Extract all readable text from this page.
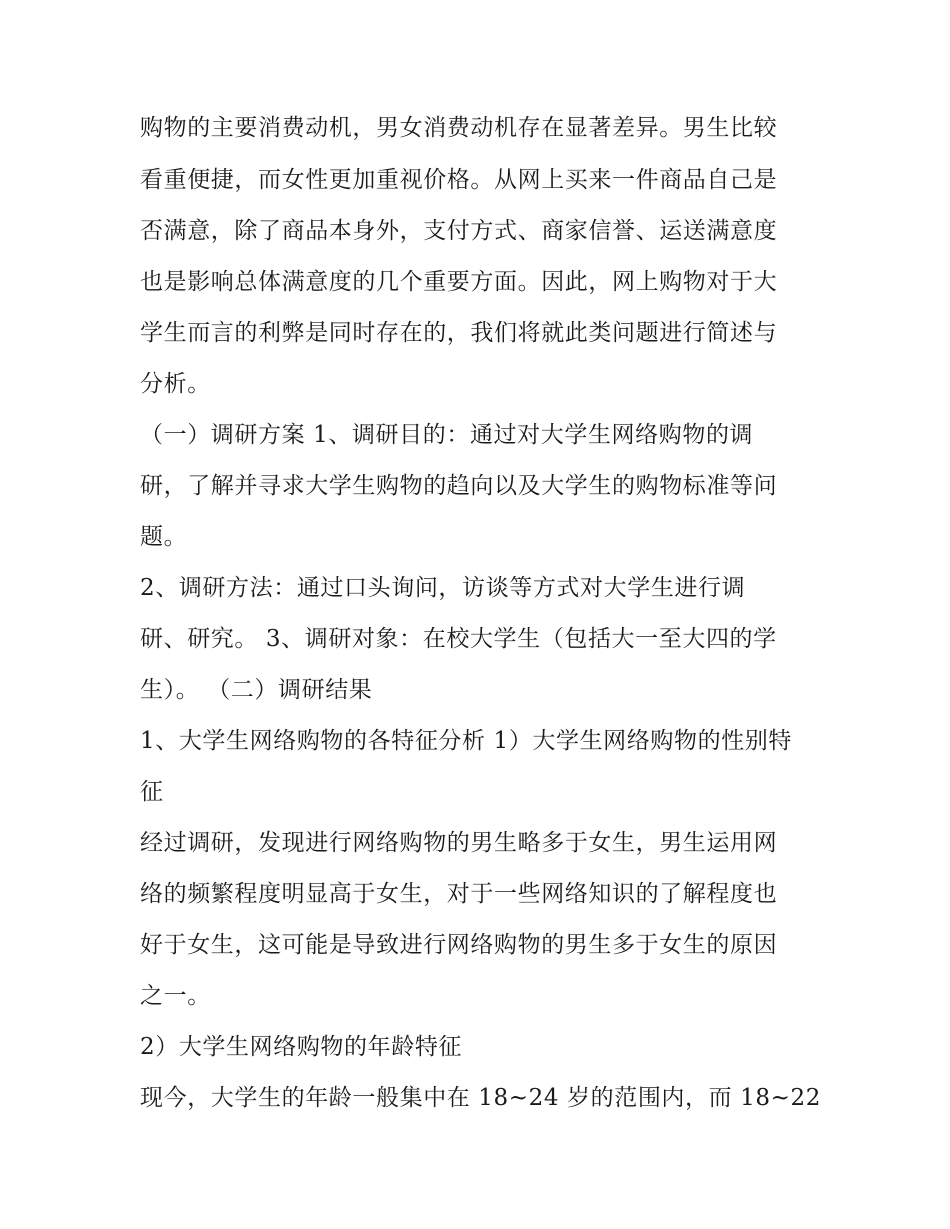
购物的主要消费动机，男女消费动机存在显著差异。男生比较
看重便捷，而女性更加重视价格。从网上买来一件商品自己是
否满意，除了商品本身外，支付方式、商家信誉、运送满意度
也是影响总体满意度的几个重要方面。因此，网上购物对于大
学生而言的利弊是同时存在的，我们将就此类问题进行简述与
分析。
（一）调研方案 1、调研目的：通过对大学生网络购物的调
研，了解并寻求大学生购物的趋向以及大学生的购物标准等问
题。
2、调研方法：通过口头询问，访谈等方式对大学生进行调
研、研究。 3、调研对象：在校大学生（包括大一至大四的学
生）。 （二）调研结果
1、大学生网络购物的各特征分析 1）大学生网络购物的性别特
征
经过调研，发现进行网络购物的男生略多于女生，男生运用网
络的频繁程度明显高于女生，对于一些网络知识的了解程度也
好于女生，这可能是导致进行网络购物的男生多于女生的原因
之一。
2）大学生网络购物的年龄特征
现今，大学生的年龄一般集中在 18~24 岁的范围内，而 18~22
